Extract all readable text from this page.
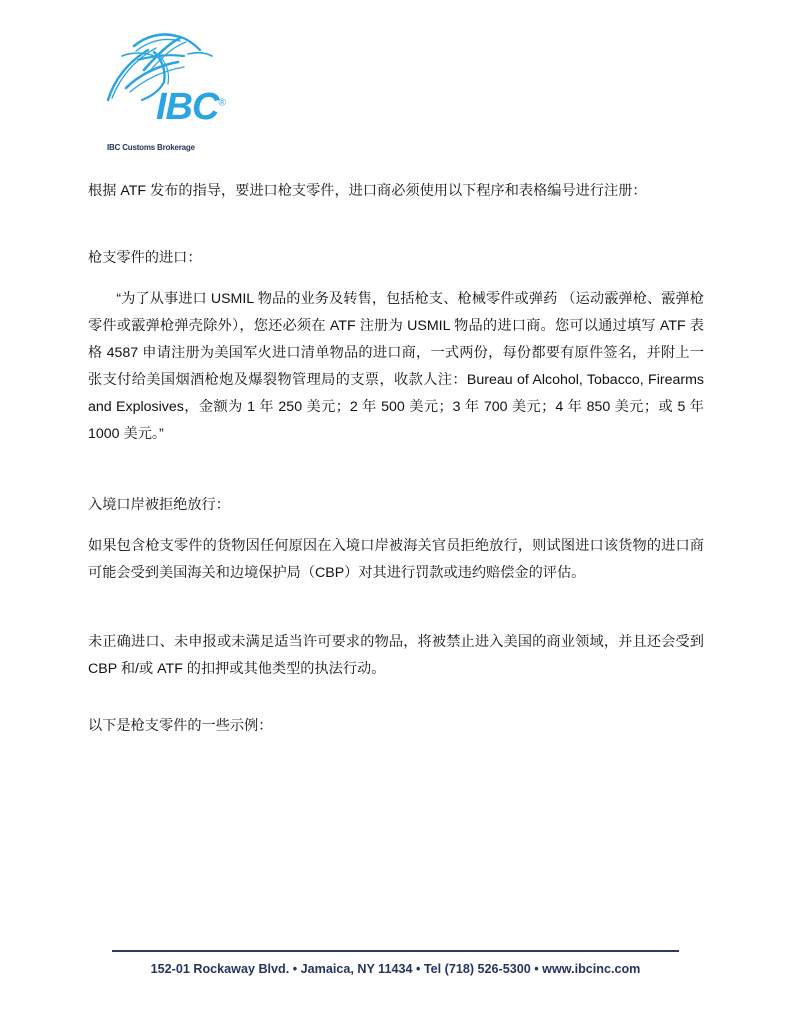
IBC®
IBC Customs Brokerage

根据 ATF 发布的指导，要进口枪支零件，进口商必须使用以下程序和表格编号进行注册：

枪支零件的进口：

“为了从事进口 USMIL 物品的业务及转售，包括枪支、枪械零件或弹药 （运动霰弹枪、霰弹枪零件或霰弹枪弹壳除外），您还必须在 ATF 注册为 USMIL 物品的进口商。您可以通过填写 ATF 表格 4587 申请注册为美国军火进口清单物品的进口商，一式两份，每份都要有原件签名，并附上一张支付给美国烟酒枪炮及爆裂物管理局的支票，收款人注：Bureau of Alcohol, Tobacco, Firearms and Explosives，金额为 1 年 250 美元；2 年 500 美元；3 年 700 美元；4 年 850 美元；或 5 年 1000 美元。”

入境口岸被拒绝放行：

如果包含枪支零件的货物因任何原因在入境口岸被海关官员拒绝放行，则试图进口该货物的进口商可能会受到美国海关和边境保护局（CBP）对其进行罚款或违约赔偿金的评估。

未正确进口、未申报或未满足适当许可要求的物品，将被禁止进入美国的商业领域，并且还会受到 CBP 和/或 ATF 的扣押或其他类型的执法行动。

以下是枪支零件的一些示例：

152-01 Rockaway Blvd. • Jamaica, NY 11434 • Tel (718) 526-5300 • www.ibcinc.com
